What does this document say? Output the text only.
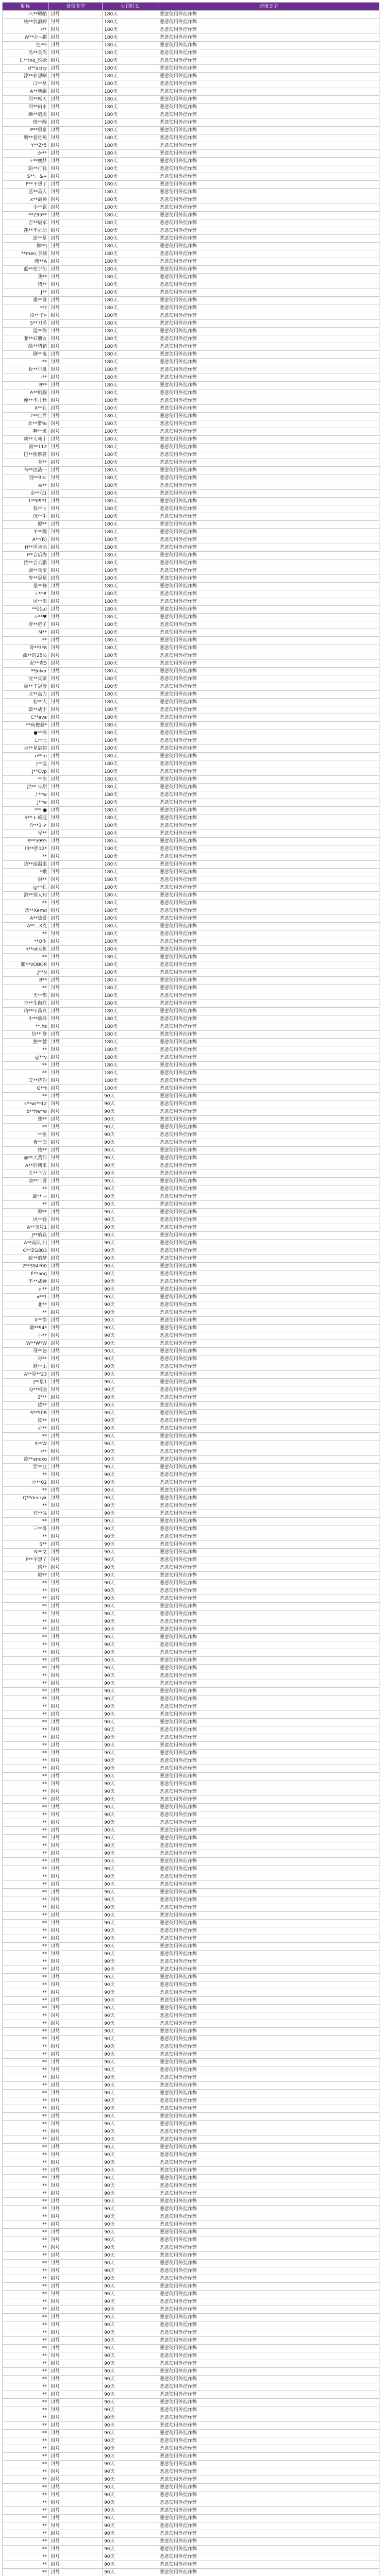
昵称	处罚类型	处罚时长	违规类型
八**殿帕	封号	180天	恶意使用外挂作弊
枝**放酒婷	封号	180天	恶意使用外挂作弊
\**	封号	180天	恶意使用外挂作弊
W**办~鹏	封号	180天	恶意使用外挂作弊
忆**f	封号	180天	恶意使用外挂作弊
鸟**关尚	封号	180天	恶意使用外挂作弊
じ**ino_玖拾	封号	180天	恶意使用外挂作弊
d**acity	封号	180天	恶意使用外挂作弊
漆**和想啊	封号	180天	恶意使用外挂作弊
闫**易	封号	180天	恶意使用外挂作弊
A**新疆	封号	180天	恶意使用外挂作弊
回**席天	封号	180天	恶意使用外挂作弊
回**雨水	封号	180天	恶意使用外挂作弊
鳞**逍遥	封号	180天	恶意使用外挂作弊
傅**醒	封号	180天	恶意使用外挂作弊
P**里泉	封号	180天	恶意使用外挂作弊
鹏**爱吃鸡	封号	180天	恶意使用外挂作弊
Y**Z*5	封号	180天	恶意使用外挂作弊
か**	封号	180天	恶意使用外挂作弊
+**便梦	封号	180天	恶意使用外挂作弊
陪**打我	封号	180天	恶意使用外挂作弊
S**、&+	封号	180天	恶意使用外挂作弊
F**不想了	封号	180天	恶意使用外挂作弊
蓝**美人	封号	180天	恶意使用外挂作弊
x**最帅	封号	180天	恶意使用外挂作弊
小**霸	封号	180天	恶意使用外挂作弊
**Z95**	封号	180天	恶意使用外挂作弊
吉**破军	封号	180天	恶意使用外挂作弊
荏**不心动	封号	180天	恶意使用外挂作弊
遗**星	封号	180天	恶意使用外挂作弊
你**J	封号	180天	恶意使用外挂作弊
**men,李楠	封号	180天	恶意使用外挂作弊
赖**A	封号	180天	恶意使用外挂作弊
蓝**使宇衍	封号	180天	恶意使用外挂作弊
我**	封号	180天	恶意使用外挂作弊
猪**	封号	180天	恶意使用外挂作弊
J**	封号	180天	恶意使用外挂作弊
墨**哥	封号	180天	恶意使用外挂作弊
**?	封号	180天	恶意使用外挂作弊
涛**子r-	封号	180天	恶意使用外挂作弊
S**刀盾	封号	180天	恶意使用外挂作弊
湿**你	封号	180天	恶意使用外挂作弊
亚**好朋友	封号	180天	恶意使用外挂作弊
酷**猪猪	封号	180天	恶意使用外挂作弊
刷**鬼	封号	180天	恶意使用外挂作弊
**	封号	180天	恶意使用外挂作弊
枚**早进	封号	180天	恶意使用外挂作弊
-**	封号	180天	恶意使用外挂作弊
B**	封号	180天	恶意使用外挂作弊
A**帆胸	封号	180天	恶意使用外挂作弊
瘦**不几秒	封号	180天	恶意使用外挂作弊
X**礼	封号	180天	恶意使用外挂作弊
♪**世界	封号	180天	恶意使用外挂作弊
炸**带Yo	封号	180天	恶意使用外挂作弊
啊**逃	封号	180天	恶意使用外挂作弊
新**人嘲十	封号	180天	恶意使用外挂作弊
被**112	封号	180天	恶意使用外挂作弊
巴**阻燃管	封号	180天	恶意使用外挂作弊
多**	封号	180天	恶意使用外挂作弊
布**渣渣一	封号	180天	恶意使用外挂作弊
别**Bnc	封号	180天	恶意使用外挂作弊
易**	封号	180天	恶意使用外挂作弊
金**冠1	封号	180天	恶意使用外挂作弊
1**09*1	封号	180天	恶意使用外挂作弊
我**ㄅ	封号	180天	恶意使用外挂作弊
沉**牛	封号	180天	恶意使用外挂作弊
愿**	封号	180天	恶意使用外挂作弊
平**蹲	封号	180天	恶意使用外挂作弊
A**(R)	封号	180天	恶意使用外挂作弊
H**坦神话	封号	180天	恶意使用外挂作弊
I**会后悔	封号	180天	恶意使用外挂作弊
扰**会云鹏	封号	180天	恶意使用外挂作弊
湖**众宝	封号	180天	恶意使用外挂作弊
等**冠星	封号	180天	恶意使用外挂作弊
是**楠	封号	180天	恶意使用外挂作弊
☆**#	封号	180天	恶意使用外挂作弊
风**雨	封号	180天	恶意使用外挂作弊
**ṹ(ω)	封号	180天	恶意使用外挂作弊
☆**♥	封号	180天	恶意使用外挂作弊
奔**把子	封号	180天	恶意使用外挂作弊
M**	封号	180天	恶意使用外挂作弊
**	封号	180天	恶意使用外挂作弊
哥**3*8	封号	180天	恶意使用外挂作弊
孤**的25½	封号	180天	恶意使用外挂作弊
紀**贵5	封号	180天	恶意使用外挂作弊
**Joker	封号	180天	恶意使用外挂作弊
沈**真菜	封号	180天	恶意使用外挂作弊
抽**王冠传	封号	180天	恶意使用外挂作弊
北**高力	封号	180天	恶意使用外挂作弊
初**大	封号	180天	恶意使用外挂作弊
最**战士	封号	180天	恶意使用外挂作弊
C**ave	封号	180天	恶意使用外挂作弊
**鱼俊毅*	封号	180天	恶意使用外挂作弊
●**痛	封号	180天	恶意使用外挂作弊
L**北	封号	180天	恶意使用外挂作弊
◎**星宸朝	封号	180天	恶意使用外挂作弊
o**m	封号	180天	恶意使用外挂作弊
J**巡	封号	180天	恶意使用外挂作弊
J**Cvp	封号	180天	恶意使用外挂作弊
**郎	封号	180天	恶意使用外挂作弊
洪** 长甜	封号	180天	恶意使用外挂作弊
丿**w	封号	180天	恶意使用外挂作弊
J**w	封号	180天	恶意使用外挂作弊
*** ●	封号	180天	恶意使用外挂作弊
S**·L·峨冠	封号	180天	恶意使用外挂作弊
伶**3 ✔	封号	180天	恶意使用外挂作弊
兄**	封号	180天	恶意使用外挂作弊
S**5995	封号	180天	恶意使用外挂作弊
用**胖12*	封号	180天	恶意使用外挂作弊
**	封号	180天	恶意使用外挂作弊
边**游温柔	封号	180天	恶意使用外挂作弊
*嫩	封号	180天	恶意使用外挂作弊
很**	封号	180天	恶意使用外挂作弊
@**扎	封号	180天	恶意使用外挂作弊
滨**别人知	封号	180天	恶意使用外挂作弊
**	封号	180天	恶意使用外挂作弊
鼎**Xemo	封号	180天	恶意使用外挂作弊
A**热爱	封号	180天	恶意使用外挂作弊
A**...K克	封号	180天	恶意使用外挂作弊
**	封号	180天	恶意使用外挂作弊
**Q少	封号	180天	恶意使用外挂作弊
n**ot天机	封号	180天	恶意使用外挂作弊
**	封号	180天	恶意使用外挂作弊
鹏**VOBOR	封号	180天	恶意使用外挂作弊
J**N	封号	180天	恶意使用外挂作弊
B**	封号	180天	恶意使用外挂作弊
**	封号	180天	恶意使用外挂作弊
天**都	封号	180天	恶意使用外挂作弊
企**生做样	封号	180天	恶意使用外挂作弊
珞**甲荡玖	封号	180天	恶意使用外挂作弊
中**玻场	封号	180天	恶意使用外挂作弊
**.hs	封号	180天	恶意使用外挂作弊
仿** 修	封号	180天	恶意使用外挂作弊
独**麓	封号	180天	恶意使用外挂作弊
**	封号	180天	恶意使用外挂作弊
@**v	封号	180天	恶意使用外挂作弊
**	封号	180天	恶意使用外挂作弊
**	封号	180天	恶意使用外挂作弊
艾**待你	封号	180天	恶意使用外挂作弊
Q**t	封号	180天	恶意使用外挂作弊
**	封号	90天	恶意使用外挂作弊
s**wi**12	封号	90天	恶意使用外挂作弊
b**hw*w	封号	90天	恶意使用外挂作弊
独**	封号	90天	恶意使用外挂作弊
**	封号	90天	恶意使用外挂作弊
**鱼	封号	90天	恶意使用外挂作弊
爽**面	封号	90天	恶意使用外挂作弊
枝**	封号	90天	恶意使用外挂作弊
@**天黄伟	封号	90天	恶意使用外挂作弊
A**的朝来	封号	90天	恶意使用外挂作弊
关**下方	封号	90天	恶意使用外挂作弊
请**二哥	封号	90天	恶意使用外挂作弊
**	封号	90天	恶意使用外挂作弊
翼** ~	封号	90天	恶意使用外挂作弊
**	封号	90天	恶意使用外挂作弊
顾**	封号	90天	恶意使用外挂作弊
风**巷	封号	90天	恶意使用外挂作弊
A**卖号1	封号	90天	恶意使用外挂作弊
J**的我	封号	90天	恶意使用外挂作弊
A**南队小J	封号	90天	恶意使用外挂作弊
O**ZG803	封号	90天	恶意使用外挂作弊
致**的梦	封号	90天	恶意使用外挂作弊
2**394*00	封号	90天	恶意使用外挂作弊
F**ang	封号	90天	恶意使用外挂作弊
不**战神	封号	90天	恶意使用外挂作弊
ぁ**	封号	90天	恶意使用外挂作弊
x**1	封号	90天	恶意使用外挂作弊
北**	封号	90天	恶意使用外挂作弊
**	封号	90天	恶意使用外挂作弊
X**窗	封号	90天	恶意使用外挂作弊
潮**94*	封号	90天	恶意使用外挂作弊
小**	封号	90天	恶意使用外挂作弊
W**W*W	封号	90天	恶意使用外挂作弊
哥**怒	封号	90天	恶意使用外挂作弊
毒**	封号	90天	恶意使用外挂作弊
颠**山	封号	90天	恶意使用外挂作弊
A**星**23	封号	90天	恶意使用外挂作弊
J**星1	封号	90天	恶意使用外挂作弊
Q**相遇	封号	90天	恶意使用外挂作弊
舒**	封号	90天	恶意使用外挂作弊
感**	封号	90天	恶意使用外挂作弊
S**50R	封号	90天	恶意使用外挂作弊
陈**	封号	90天	恶意使用外挂作弊
心**	封号	90天	恶意使用外挂作弊
**	封号	90天	恶意使用外挂作弊
S**W	封号	90天	恶意使用外挂作弊
\**	封号	90天	恶意使用外挂作弊
渡**anoko	封号	90天	恶意使用外挂作弊
要**豆	封号	90天	恶意使用外挂作弊
**	封号	90天	恶意使用外挂作弊
小**02	封号	90天	恶意使用外挂作弊
**	封号	90天	恶意使用外挂作弊
Q**decryk	封号	90天	恶意使用外挂作弊
**	封号	90天	恶意使用外挂作弊
柠**%	封号	90天	恶意使用外挂作弊
**	封号	90天	恶意使用外挂作弊
三**哥	封号	90天	恶意使用外挂作弊
**	封号	90天	恶意使用外挂作弊
S**	封号	90天	恶意使用外挂作弊
N**文	封号	90天	恶意使用外挂作弊
F**不想了	封号	90天	恶意使用外挂作弊
珞**	封号	90天	恶意使用外挂作弊
颖**	封号	90天	恶意使用外挂作弊
**	封号	90天	恶意使用外挂作弊
**	封号	90天	恶意使用外挂作弊
**	封号	90天	恶意使用外挂作弊
**	封号	90天	恶意使用外挂作弊
**	封号	90天	恶意使用外挂作弊
**	封号	90天	恶意使用外挂作弊
**	封号	90天	恶意使用外挂作弊
**	封号	90天	恶意使用外挂作弊
**	封号	90天	恶意使用外挂作弊
**	封号	90天	恶意使用外挂作弊
**	封号	90天	恶意使用外挂作弊
**	封号	90天	恶意使用外挂作弊
**	封号	90天	恶意使用外挂作弊
**	封号	90天	恶意使用外挂作弊
**	封号	90天	恶意使用外挂作弊
**	封号	90天	恶意使用外挂作弊
**	封号	90天	恶意使用外挂作弊
**	封号	90天	恶意使用外挂作弊
**	封号	90天	恶意使用外挂作弊
**	封号	90天	恶意使用外挂作弊
**	封号	90天	恶意使用外挂作弊
**	封号	90天	恶意使用外挂作弊
**	封号	90天	恶意使用外挂作弊
**	封号	90天	恶意使用外挂作弊
**	封号	90天	恶意使用外挂作弊
**	封号	90天	恶意使用外挂作弊
**	封号	90天	恶意使用外挂作弊
**	封号	90天	恶意使用外挂作弊
**	封号	90天	恶意使用外挂作弊
**	封号	90天	恶意使用外挂作弊
**	封号	90天	恶意使用外挂作弊
**	封号	90天	恶意使用外挂作弊
**	封号	90天	恶意使用外挂作弊
**	封号	90天	恶意使用外挂作弊
**	封号	90天	恶意使用外挂作弊
**	封号	90天	恶意使用外挂作弊
**	封号	90天	恶意使用外挂作弊
**	封号	90天	恶意使用外挂作弊
**	封号	90天	恶意使用外挂作弊
**	封号	90天	恶意使用外挂作弊
**	封号	90天	恶意使用外挂作弊
**	封号	90天	恶意使用外挂作弊
**	封号	90天	恶意使用外挂作弊
**	封号	90天	恶意使用外挂作弊
**	封号	90天	恶意使用外挂作弊
**	封号	90天	恶意使用外挂作弊
**	封号	90天	恶意使用外挂作弊
**	封号	90天	恶意使用外挂作弊
**	封号	90天	恶意使用外挂作弊
**	封号	90天	恶意使用外挂作弊
**	封号	90天	恶意使用外挂作弊
**	封号	90天	恶意使用外挂作弊
**	封号	90天	恶意使用外挂作弊
**	封号	90天	恶意使用外挂作弊
**	封号	90天	恶意使用外挂作弊
**	封号	90天	恶意使用外挂作弊
**	封号	90天	恶意使用外挂作弊
**	封号	90天	恶意使用外挂作弊
**	封号	90天	恶意使用外挂作弊
**	封号	90天	恶意使用外挂作弊
**	封号	90天	恶意使用外挂作弊
**	封号	90天	恶意使用外挂作弊
**	封号	90天	恶意使用外挂作弊
**	封号	90天	恶意使用外挂作弊
**	封号	90天	恶意使用外挂作弊
**	封号	90天	恶意使用外挂作弊
**	封号	90天	恶意使用外挂作弊
**	封号	90天	恶意使用外挂作弊
**	封号	90天	恶意使用外挂作弊
**	封号	90天	恶意使用外挂作弊
**	封号	90天	恶意使用外挂作弊
**	封号	90天	恶意使用外挂作弊
**	封号	90天	恶意使用外挂作弊
**	封号	90天	恶意使用外挂作弊
**	封号	90天	恶意使用外挂作弊
**	封号	90天	恶意使用外挂作弊
**	封号	90天	恶意使用外挂作弊
**	封号	90天	恶意使用外挂作弊
**	封号	90天	恶意使用外挂作弊
**	封号	90天	恶意使用外挂作弊
**	封号	90天	恶意使用外挂作弊
**	封号	90天	恶意使用外挂作弊
**	封号	90天	恶意使用外挂作弊
**	封号	90天	恶意使用外挂作弊
**	封号	90天	恶意使用外挂作弊
**	封号	90天	恶意使用外挂作弊
**	封号	90天	恶意使用外挂作弊
**	封号	90天	恶意使用外挂作弊
**	封号	90天	恶意使用外挂作弊
**	封号	90天	恶意使用外挂作弊
**	封号	90天	恶意使用外挂作弊
**	封号	90天	恶意使用外挂作弊
**	封号	90天	恶意使用外挂作弊
**	封号	90天	恶意使用外挂作弊
**	封号	90天	恶意使用外挂作弊
**	封号	90天	恶意使用外挂作弊
**	封号	90天	恶意使用外挂作弊
**	封号	90天	恶意使用外挂作弊
**	封号	90天	恶意使用外挂作弊
**	封号	90天	恶意使用外挂作弊
**	封号	90天	恶意使用外挂作弊
**	封号	90天	恶意使用外挂作弊
**	封号	90天	恶意使用外挂作弊
**	封号	90天	恶意使用外挂作弊
**	封号	90天	恶意使用外挂作弊
**	封号	90天	恶意使用外挂作弊
**	封号	90天	恶意使用外挂作弊
**	封号	90天	恶意使用外挂作弊
**	封号	90天	恶意使用外挂作弊
**	封号	90天	恶意使用外挂作弊
**	封号	90天	恶意使用外挂作弊
**	封号	90天	恶意使用外挂作弊
**	封号	90天	恶意使用外挂作弊
**	封号	90天	恶意使用外挂作弊
**	封号	90天	恶意使用外挂作弊
**	封号	90天	恶意使用外挂作弊
**	封号	90天	恶意使用外挂作弊
**	封号	90天	恶意使用外挂作弊
**	封号	90天	恶意使用外挂作弊
**	封号	90天	恶意使用外挂作弊
**	封号	90天	恶意使用外挂作弊
**	封号	90天	恶意使用外挂作弊
**	封号	90天	恶意使用外挂作弊
**	封号	90天	恶意使用外挂作弊
**	封号	90天	恶意使用外挂作弊
**	封号	90天	恶意使用外挂作弊
**	封号	90天	恶意使用外挂作弊
**	封号	90天	恶意使用外挂作弊
**	封号	90天	恶意使用外挂作弊
